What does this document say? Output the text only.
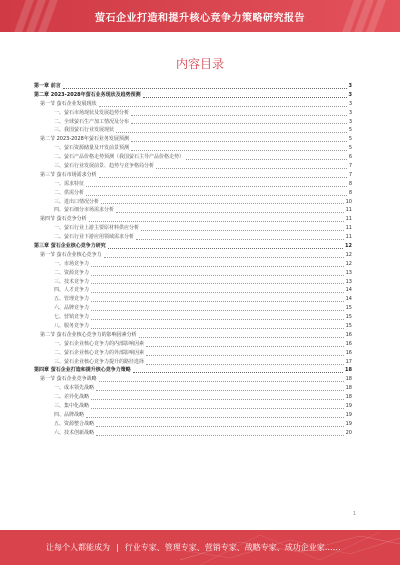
萤石企业打造和提升核心竞争力策略研究报告
内容目录
第一章 前言	3
第二章 2023-2028年萤石业务现状及趋势预测	3
第一节 萤石企业发展现状	3
一、萤石市场现状及发展趋势分析	3
二、全球萤石生产加工情况及分布	3
三、我国萤石行业发展现状	5
第二节 2023-2028年萤石业务发展预测	5
一、萤石资源储量及开发前景预测	5
二、萤石产品价格走势预测（我国萤石主导产品价格走势）	6
三、萤石行业发展前景、趋势与竞争格局分析	7
第三节 萤石市场需求分析	7
一、需求特征	8
二、供需分析	8
三、进出口情况分析	10
四、萤石细分市场需求分析	11
第四节 萤石竞争分析	11
一、萤石行业上游主要原材料供应分析	11
二、萤石行业下游应用领域需求分析	11
第三章 萤石企业核心竞争力研究	12
第一节 萤石企业核心竞争力	12
一、市场竞争力	12
二、资源竞争力	13
三、技术竞争力	13
四、人才竞争力	14
五、管理竞争力	14
六、品牌竞争力	15
七、营销竞争力	15
八、服务竞争力	15
第二节 萤石企业核心竞争力的影响因素分析	16
一、萤石企业核心竞争力的内部影响因素	16
二、萤石企业核心竞争力的外部影响因素	16
三、萤石企业核心竞争力提升的路径选择	17
第四章 萤石企业打造和提升核心竞争力策略	18
第一节 萤石企业竞争战略	18
一、成本领先战略	18
二、差异化战略	18
三、集中化战略	19
四、品牌战略	19
五、资源整合战略	19
六、技术创新战略	20
1
让每个人都能成为 | 行业专家、管理专家、营销专家、战略专家、成功企业家……
